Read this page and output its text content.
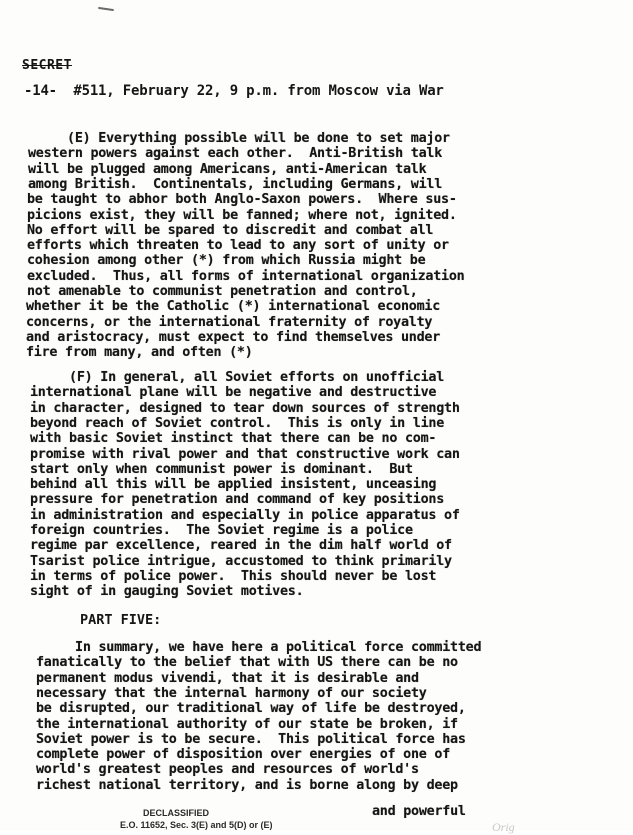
SECRET
-14-  #511, February 22, 9 p.m. from Moscow via War
(E) Everything possible will be done to set major
western powers against each other.  Anti-British talk
will be plugged among Americans, anti-American talk
among British.  Continentals, including Germans, will
be taught to abhor both Anglo-Saxon powers.  Where sus-
picions exist, they will be fanned; where not, ignited.
No effort will be spared to discredit and combat all
efforts which threaten to lead to any sort of unity or
cohesion among other (*) from which Russia might be
excluded.  Thus, all forms of international organization
not amenable to communist penetration and control,
whether it be the Catholic (*) international economic
concerns, or the international fraternity of royalty
and aristocracy, must expect to find themselves under
fire from many, and often (*)
(F) In general, all Soviet efforts on unofficial
international plane will be negative and destructive
in character, designed to tear down sources of strength
beyond reach of Soviet control.  This is only in line
with basic Soviet instinct that there can be no com-
promise with rival power and that constructive work can
start only when communist power is dominant.  But
behind all this will be applied insistent, unceasing
pressure for penetration and command of key positions
in administration and especially in police apparatus of
foreign countries.  The Soviet regime is a police
regime par excellence, reared in the dim half world of
Tsarist police intrigue, accustomed to think primarily
in terms of police power.  This should never be lost
sight of in gauging Soviet motives.
PART FIVE:
In summary, we have here a political force committed
fanatically to the belief that with US there can be no
permanent modus vivendi, that it is desirable and
necessary that the internal harmony of our society
be disrupted, our traditional way of life be destroyed,
the international authority of our state be broken, if
Soviet power is to be secure.  This political force has
complete power of disposition over energies of one of
world's greatest peoples and resources of world's
richest national territory, and is borne along by deep
and powerful
DECLASSIFIED
E.O. 11652, Sec. 3(E) and 5(D) or (E)	Orig
